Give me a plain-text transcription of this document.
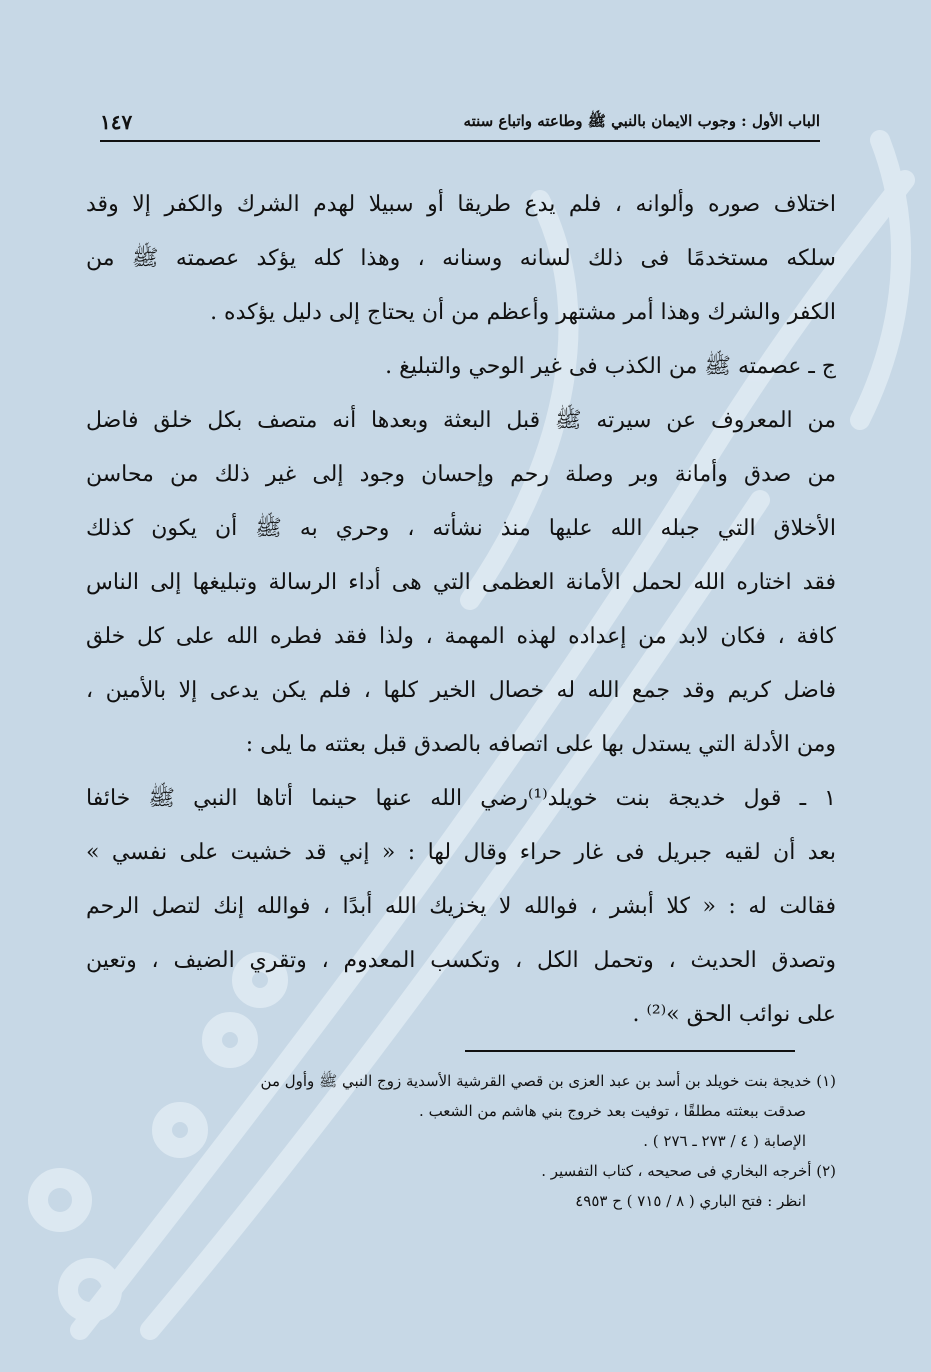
الباب الأول : وجوب الايمان بالنبي ﷺ وطاعته واتباع سنته
١٤٧
اختلاف صوره وألوانه ، فلم يدع طريقا أو سبيلا لهدم الشرك والكفر إلا وقد
سلكه مستخدمًا فى ذلك لسانه وسنانه ، وهذا كله يؤكد عصمته ﷺ من
الكفر والشرك وهذا أمر مشتهر وأعظم من أن يحتاج إلى دليل يؤكده .
ج ـ عصمته ﷺ من الكذب فى غير الوحي والتبليغ .
من المعروف عن سيرته ﷺ قبل البعثة وبعدها أنه متصف بكل خلق فاضل
من صدق وأمانة وبر وصلة رحم وإحسان وجود إلى غير ذلك من محاسن
الأخلاق التي جبله الله عليها منذ نشأته ، وحري به ﷺ أن يكون كذلك
فقد اختاره الله لحمل الأمانة العظمى التي هى أداء الرسالة وتبليغها إلى الناس
كافة ، فكان لابد من إعداده لهذه المهمة ، ولذا فقد فطره الله على كل خلق
فاضل كريم وقد جمع الله له خصال الخير كلها ، فلم يكن يدعى إلا بالأمين ،
ومن الأدلة التي يستدل بها على اتصافه بالصدق قبل بعثته ما يلى :
١ ـ قول خديجة بنت خويلد⁽¹⁾رضي الله عنها حينما أتاها النبي ﷺ خائفا
بعد أن لقيه جبريل فى غار حراء وقال لها : « إني قد خشيت على نفسي »
فقالت له : « كلا أبشر ، فوالله لا يخزيك الله أبدًا ، فوالله إنك لتصل الرحم
وتصدق الحديث ، وتحمل الكل ، وتكسب المعدوم ، وتقري الضيف ، وتعين
على نوائب الحق »⁽²⁾ .
(١) خديجة بنت خويلد بن أسد بن عبد العزى بن قصي القرشية الأسدية زوج النبي ﷺ وأول من
صدقت ببعثته مطلقًا ، توفيت بعد خروج بني هاشم من الشعب .
الإصابة ( ٤ / ٢٧٣ ـ ٢٧٦ ) .
(٢) أخرجه البخاري فى صحيحه ، كتاب التفسير .
انظر : فتح الباري ( ٨ / ٧١٥ ) ح ٤٩٥٣
